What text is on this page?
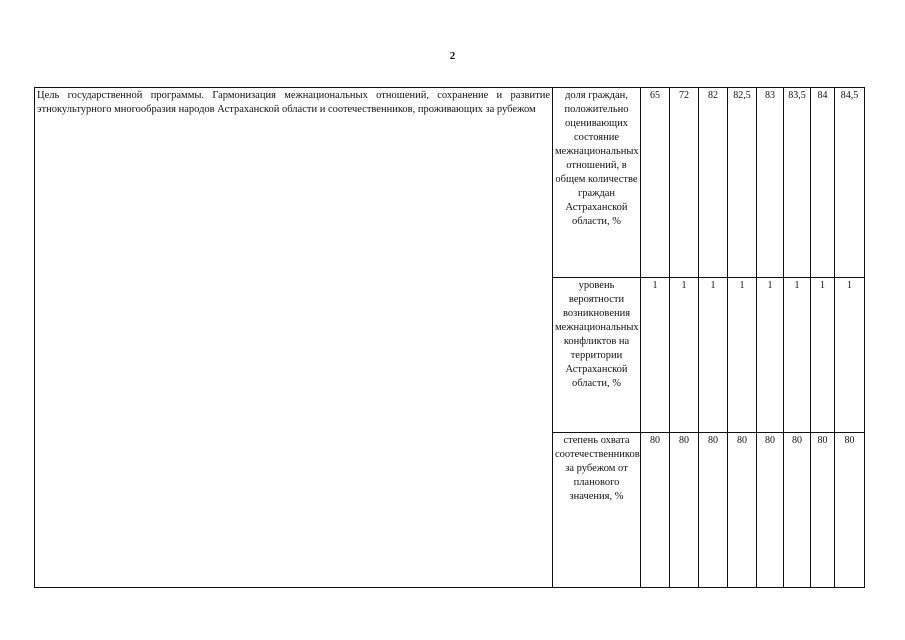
2
Цель государственной программы. Гармонизация межнациональных отношений, сохранение и развитие этнокультурного многообразия народов Астраханской области и соотечественников, проживающих за рубежом	доля граждан, положительно оценивающих состояние межнациональных отношений, в общем количестве граждан Астраханской области, %	65	72	82	82,5	83	83,5	84	84,5
	уровень вероятности возникновения межнациональных конфликтов на территории Астраханской области, %	1	1	1	1	1	1	1	1
	степень охвата соотечественников за рубежом от планового значения, %	80	80	80	80	80	80	80	80
